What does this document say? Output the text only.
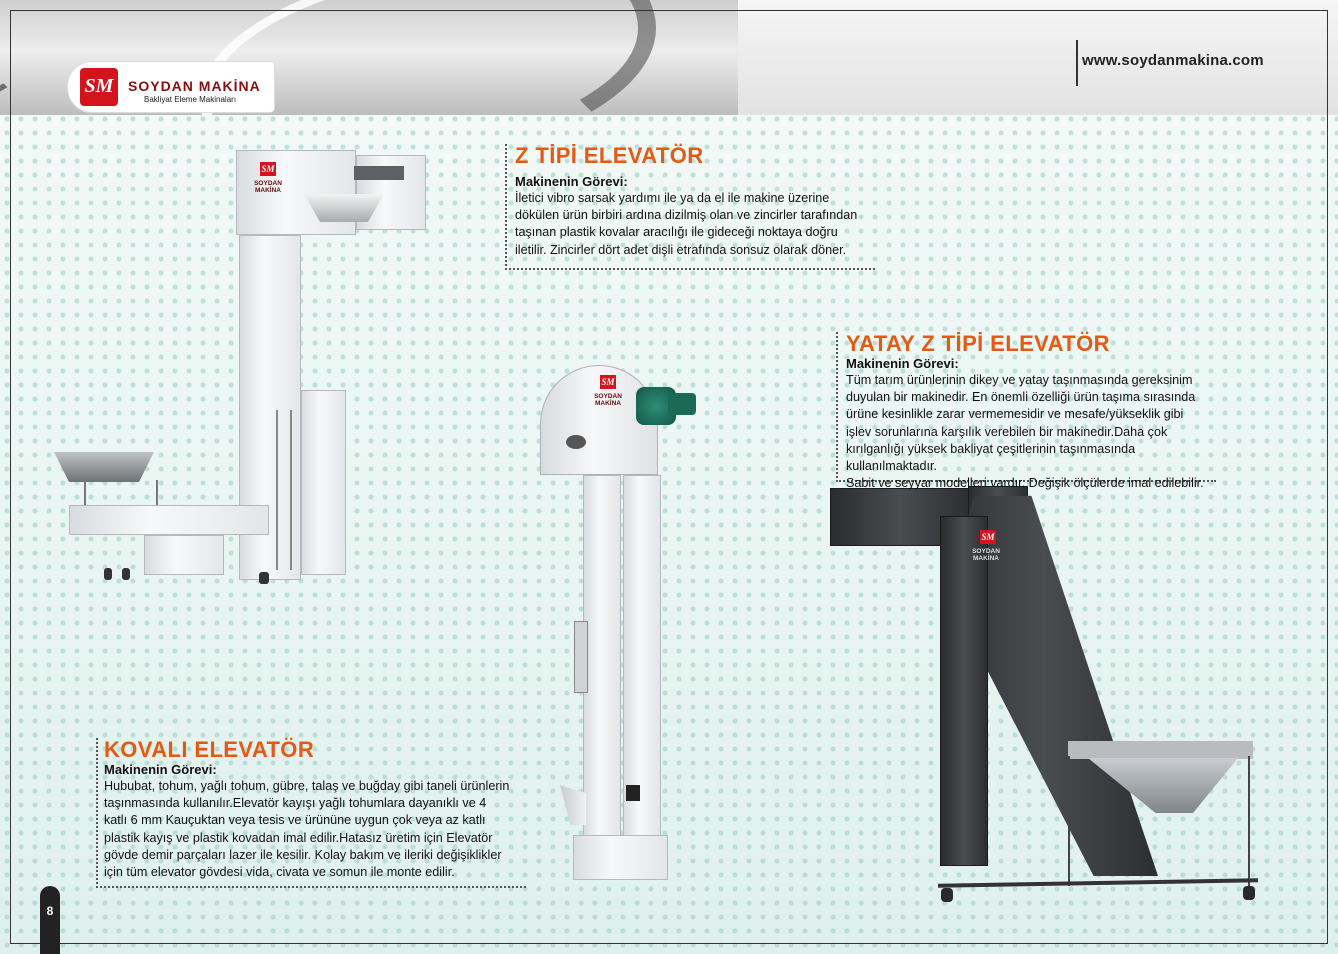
www.soydanmakina.com
SM	SOYDAN MAKİNA
Bakliyat Eleme Makinaları
SM
SOYDAN MAKİNA
SM
SOYDAN MAKİNA
SM
SOYDAN MAKİNA
Z TİPİ ELEVATÖR
Makinenin Görevi:
İletici vibro sarsak yardımı ile ya da el ile makine üzerine
dökülen ürün birbiri ardına dizilmiş olan ve zincirler tarafından
taşınan plastik kovalar aracılığı ile gideceği noktaya doğru
iletilir. Zincirler dört adet dişli etrafında sonsuz olarak döner.
YATAY Z TİPİ ELEVATÖR
Makinenin Görevi:
Tüm tarım ürünlerinin dikey ve yatay taşınmasında gereksinim
duyulan bir makinedir. En önemli özelliği ürün taşıma sırasında
ürüne kesinlikle zarar vermemesidir ve mesafe/yükseklik gibi
işlev sorunlarına karşılık verebilen bir makinedir.Daha çok
kırılganlığı yüksek bakliyat çeşitlerinin taşınmasında kullanılmaktadır.
Sabit ve seyyar modelleri vardır. Değişik ölçülerde imal edilebilir.
KOVALI ELEVATÖR
Makinenin Görevi:
Hububat, tohum, yağlı tohum, gübre, talaş ve buğday gibi taneli ürünlerin
taşınmasında kullanılır.Elevatör kayışı yağlı tohumlara dayanıklı ve 4
katlı 6 mm Kauçuktan veya tesis ve ürününe uygun çok veya az katlı
plastik kayış ve plastik kovadan imal edilir.Hatasız üretim için Elevatör
gövde demir parçaları lazer ile kesilir. Kolay bakım ve ileriki değişiklikler
için tüm elevator gövdesi vida, civata ve somun ile monte edilir.
8
